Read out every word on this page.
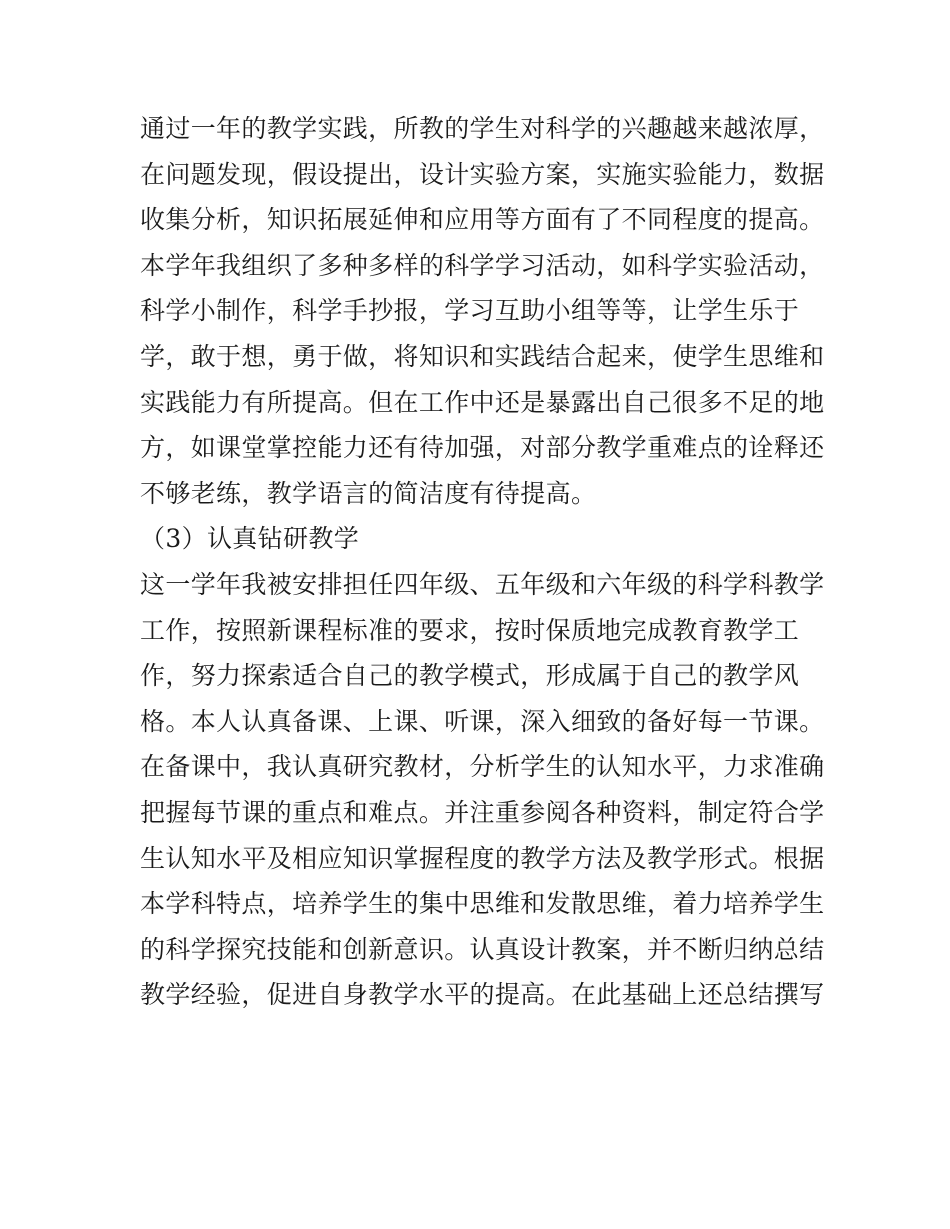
通过一年的教学实践，所教的学生对科学的兴趣越来越浓厚，
在问题发现，假设提出，设计实验方案，实施实验能力，数据
收集分析，知识拓展延伸和应用等方面有了不同程度的提高。
本学年我组织了多种多样的科学学习活动，如科学实验活动，
科学小制作，科学手抄报，学习互助小组等等，让学生乐于
学，敢于想，勇于做，将知识和实践结合起来，使学生思维和
实践能力有所提高。但在工作中还是暴露出自己很多不足的地
方，如课堂掌控能力还有待加强，对部分教学重难点的诠释还
不够老练，教学语言的简洁度有待提高。
（3）认真钻研教学
这一学年我被安排担任四年级、五年级和六年级的科学科教学
工作，按照新课程标准的要求，按时保质地完成教育教学工
作，努力探索适合自己的教学模式，形成属于自己的教学风
格。本人认真备课、上课、听课，深入细致的备好每一节课。
在备课中，我认真研究教材，分析学生的认知水平，力求准确
把握每节课的重点和难点。并注重参阅各种资料，制定符合学
生认知水平及相应知识掌握程度的教学方法及教学形式。根据
本学科特点，培养学生的集中思维和发散思维，着力培养学生
的科学探究技能和创新意识。认真设计教案，并不断归纳总结
教学经验，促进自身教学水平的提高。在此基础上还总结撰写
